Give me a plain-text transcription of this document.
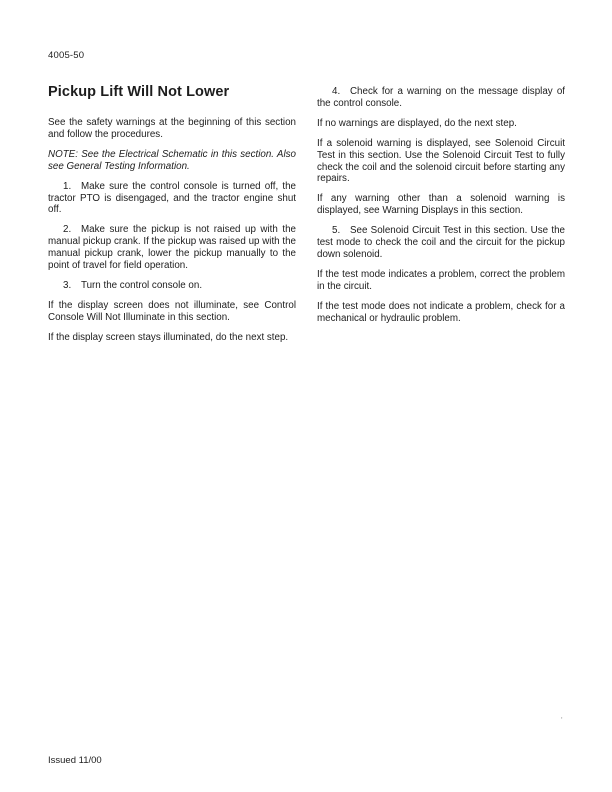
4005-50
Pickup Lift Will Not Lower

See the safety warnings at the beginning of this section and follow the procedures.

NOTE: See the Electrical Schematic in this section. Also see General Testing Information.

1. Make sure the control console is turned off, the tractor PTO is disengaged, and the tractor engine shut off.

2. Make sure the pickup is not raised up with the manual pickup crank. If the pickup was raised up with the manual pickup crank, lower the pickup manually to the point of travel for field operation.

3. Turn the control console on.

If the display screen does not illuminate, see Control Console Will Not Illuminate in this section.

If the display screen stays illuminated, do the next step.

4. Check for a warning on the message display of the control console.

If no warnings are displayed, do the next step.

If a solenoid warning is displayed, see Solenoid Circuit Test in this section. Use the Solenoid Circuit Test to fully check the coil and the solenoid circuit before starting any repairs.

If any warning other than a solenoid warning is displayed, see Warning Displays in this section.

5. See Solenoid Circuit Test in this section. Use the test mode to check the coil and the circuit for the pickup down solenoid.

If the test mode indicates a problem, correct the problem in the circuit.

If the test mode does not indicate a problem, check for a mechanical or hydraulic problem.

'
Issued 11/00
